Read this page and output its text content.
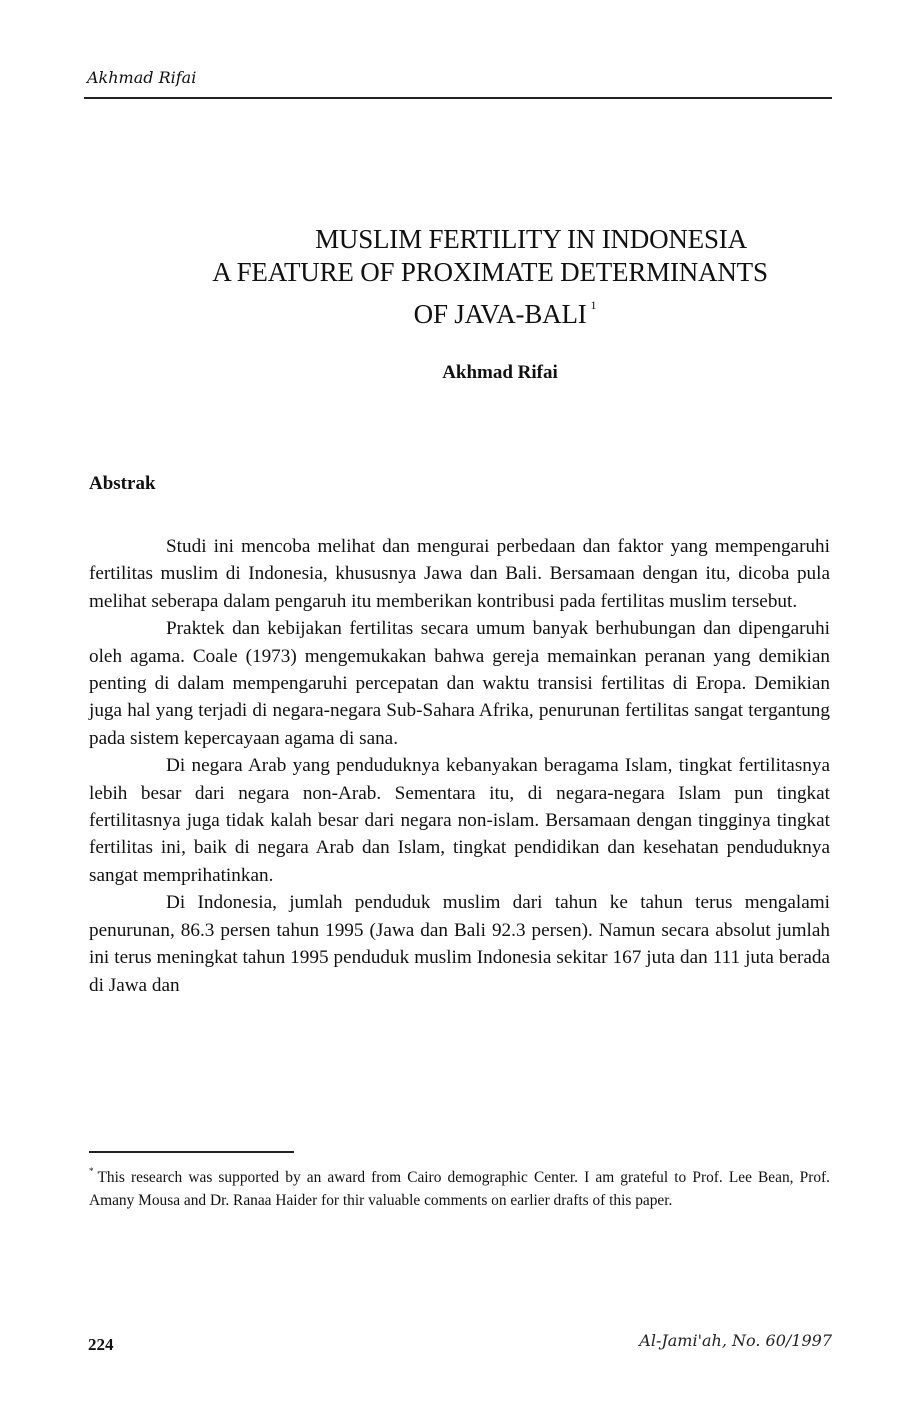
Akhmad Rifai
MUSLIM FERTILITY IN INDONESIA
A FEATURE OF PROXIMATE DETERMINANTS
OF JAVA-BALI $^1$
Akhmad Rifai
Abstrak

Studi ini mencoba melihat dan mengurai perbedaan dan faktor yang mempengaruhi fertilitas muslim di Indonesia, khususnya Jawa dan Bali. Bersamaan dengan itu, dicoba pula melihat seberapa dalam pengaruh itu memberikan kontribusi pada fertilitas muslim tersebut.

Praktek dan kebijakan fertilitas secara umum banyak berhubungan dan dipengaruhi oleh agama. Coale (1973) mengemukakan bahwa gereja memainkan peranan yang demikian penting di dalam mempengaruhi percepatan dan waktu transisi fertilitas di Eropa. Demikian juga hal yang terjadi di negara-negara Sub-Sahara Afrika, penurunan fertilitas sangat tergantung pada sistem kepercayaan agama di sana.

Di negara Arab yang penduduknya kebanyakan beragama Islam, tingkat fertilitasnya lebih besar dari negara non-Arab. Sementara itu, di negara-negara Islam pun tingkat fertilitasnya juga tidak kalah besar dari negara non-islam. Bersamaan dengan tingginya tingkat fertilitas ini, baik di negara Arab dan Islam, tingkat pendidikan dan kesehatan penduduknya sangat memprihatinkan.

Di Indonesia, jumlah penduduk muslim dari tahun ke tahun terus mengalami penurunan, 86.3 persen tahun 1995 (Jawa dan Bali 92.3 persen). Namun secara absolut jumlah ini terus meningkat tahun 1995 penduduk muslim Indonesia sekitar 167 juta dan 111 juta berada di Jawa dan

* This research was supported by an award from Cairo demographic Center. I am grateful to Prof. Lee Bean, Prof. Amany Mousa and Dr. Ranaa Haider for thir valuable comments on earlier drafts of this paper.
224	Al-Jami'ah, No. 60/1997
